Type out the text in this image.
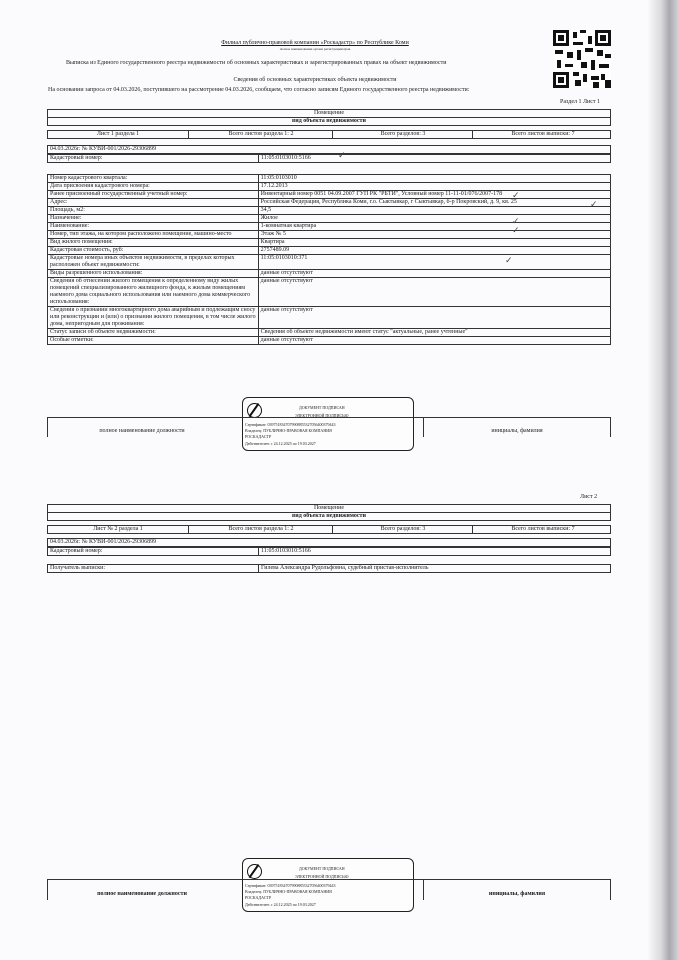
Филиал публично-правовой компании «Роскадастр» по Республике Коми
полное наименование органа регистрации прав
Выписка из Единого государственного реестра недвижимости об основных характеристиках и зарегистрированных правах на объект недвижимости
Сведения об основных характеристиках объекта недвижимости
На основании запроса от 04.03.2026, поступившего на рассмотрение 04.03.2026, сообщаем, что согласно записям Единого государственного реестра недвижимости:
Раздел 1 Лист 1
Помещение
вид объекта недвижимости
Лист 1 раздела 1	Всего листов раздела 1: 2	Всего разделов: 3	Всего листов выписки: 7
04.03.2026г. № КУВИ-001/2026-29306899
Кадастровый номер:	11:05:0103010:5166	✓
Номер кадастрового квартала:	11:05:0103010
Дата присвоения кадастрового номера:	17.12.2013
Ранее присвоенный государственный учетный номер:	Инвентарный номер 0051 04.09.2007 ГУП РК "РБТИ", Условный номер 11-11-01/076/2007-178
Адрес:	Российская Федерация, Республика Коми, г.о. Сыктывкар, г Сыктывкар, б-р Покровский, д. 9, кв. 25
Площадь, м2:	34,5
Назначение:	Жилое
Наименование:	1-комнатная квартира
Номер, тип этажа, на котором расположено помещение, машино-место	Этаж № 5
Вид жилого помещения:	Квартира
Кадастровая стоимость, руб:	2757489.09
Кадастровые номера иных объектов недвижимости, в пределах которых расположен объект недвижимости:	11:05:0103010:371
Виды разрешенного использования:	данные отсутствуют
Сведения об отнесении жилого помещения к определенному виду жилых помещений специализированного жилищного фонда, к жилым помещениям наемного дома социального использования или наемного дома коммерческого использования:	данные отсутствуют
Сведения о признании многоквартирного дома аварийным и подлежащим сносу или реконструкции и (или) о признании жилого помещения, в том числе жилого дома, непригодным для проживания:	данные отсутствуют
Статус записи об объекте недвижимости:	Сведения об объекте недвижимости имеют статус "актуальные, ранее учтенные"
Особые отметки:	данные отсутствуют
✓
✓
✓
✓
✓
ДОКУМЕНТ ПОДПИСАН
ЭЛЕКТРОННОЙ ПОДПИСЬЮ
Сертификат: 0397518347079908855327056400379443
Владелец: ПУБЛИЧНО-ПРАВОВАЯ КОМПАНИЯ
РОСКАДАСТР
Действителен: с 24.12.2025 по 19.03.2027
полное наименование должности	инициалы, фамилия
Лист 2
Помещение
вид объекта недвижимости
Лист № 2 раздела 1	Всего листов раздела 1: 2	Всего разделов: 3	Всего листов выписки: 7
04.03.2026г. № КУВИ-001/2026-29306899
Кадастровый номер:	11:05:0103010:5166
Получатель выписки:	Гилева Александра Рудольфовна, судебный пристав-исполнитель
ДОКУМЕНТ ПОДПИСАН
ЭЛЕКТРОННОЙ ПОДПИСЬЮ
Сертификат: 0397518347079908855327056400379443
Владелец: ПУБЛИЧНО-ПРАВОВАЯ КОМПАНИЯ
РОСКАДАСТР
Действителен: с 24.12.2025 по 19.03.2027
полное наименование должности	инициалы, фамилия
